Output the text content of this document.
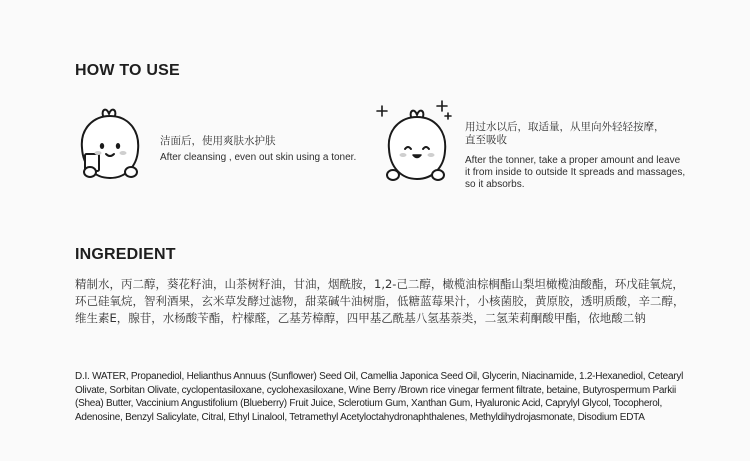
HOW TO USE
洁面后，使用爽肤水护肤
After cleansing , even out skin using a toner.
用过水以后，取适量，从里向外轻轻按摩，
直至吸收
After the tonner, take a proper amount and leave
it from inside to outside It spreads and massages,
so it absorbs.
INGREDIENT
精制水，丙二醇，葵花籽油，山茶树籽油，甘油，烟酰胺，1,2-己二醇，橄榄油棕榈酯山梨坦橄榄油酸酯，环戊硅氧烷，环己硅氧烷，智利酒果，玄米草发酵过滤物，甜菜碱牛油树脂，低糖蓝莓果汁，小核菌胶，黄原胶，透明质酸，辛二醇，维生素E，腺苷，水杨酸苄酯，柠檬醛，乙基芳樟醇，四甲基乙酰基八氢基萘类，二氢茉莉酮酸甲酯，依地酸二钠
D.I. WATER, Propanediol, Helianthus Annuus (Sunflower) Seed Oil, Camellia Japonica Seed Oil, Glycerin, Niacinamide, 1.2-Hexanediol, Cetearyl Olivate, Sorbitan Olivate, cyclopentasiloxane, cyclohexasiloxane, Wine Berry /Brown rice vinegar ferment filtrate, betaine, Butyrospermum Parkii (Shea) Butter, Vaccinium Angustifolium (Blueberry) Fruit Juice, Sclerotium Gum, Xanthan Gum, Hyaluronic Acid, Caprylyl Glycol, Tocopherol, Adenosine, Benzyl Salicylate, Citral, Ethyl Linalool, Tetramethyl Acetyloctahydronaphthalenes, Methyldihydrojasmonate, Disodium EDTA
